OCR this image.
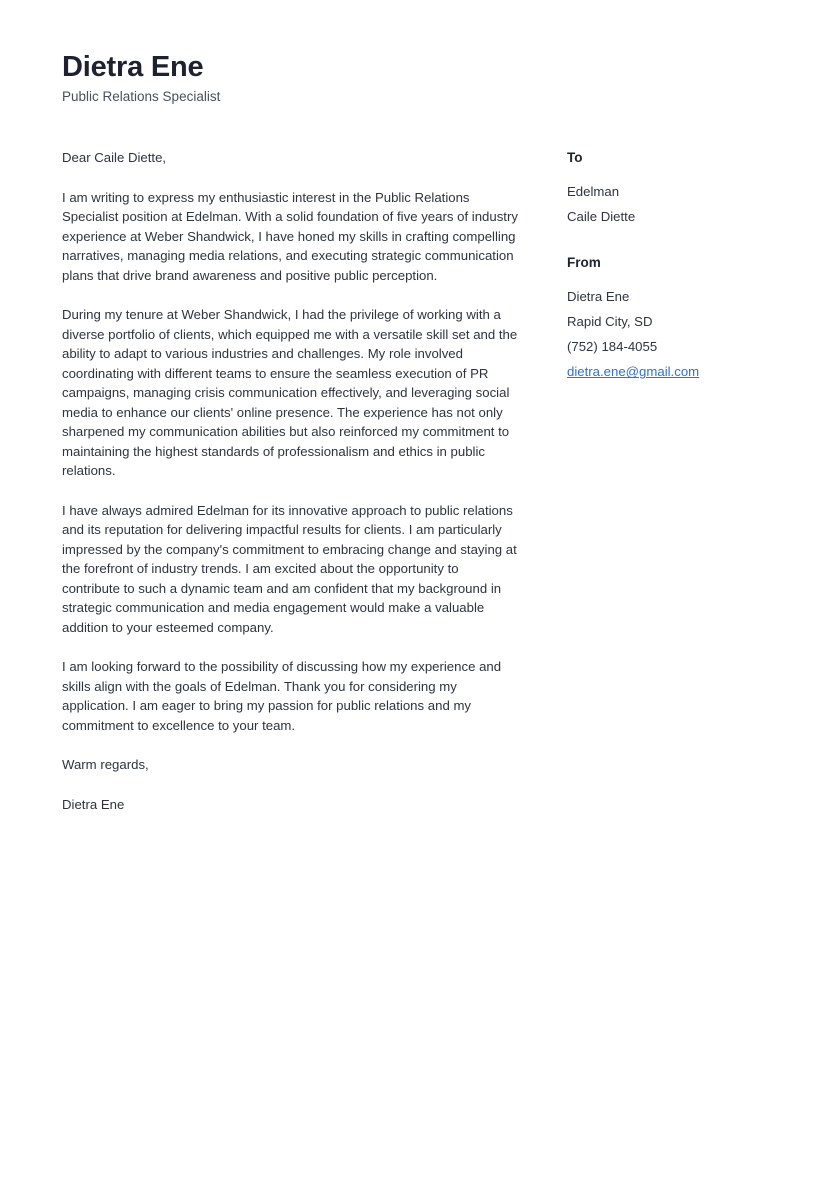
Dietra Ene

Public Relations Specialist

Dear Caile Diette,

I am writing to express my enthusiastic interest in the Public Relations Specialist position at Edelman. With a solid foundation of five years of industry experience at Weber Shandwick, I have honed my skills in crafting compelling narratives, managing media relations, and executing strategic communication plans that drive brand awareness and positive public perception.

During my tenure at Weber Shandwick, I had the privilege of working with a diverse portfolio of clients, which equipped me with a versatile skill set and the ability to adapt to various industries and challenges. My role involved coordinating with different teams to ensure the seamless execution of PR campaigns, managing crisis communication effectively, and leveraging social media to enhance our clients' online presence. The experience has not only sharpened my communication abilities but also reinforced my commitment to maintaining the highest standards of professionalism and ethics in public relations.

I have always admired Edelman for its innovative approach to public relations and its reputation for delivering impactful results for clients. I am particularly impressed by the company's commitment to embracing change and staying at the forefront of industry trends. I am excited about the opportunity to contribute to such a dynamic team and am confident that my background in strategic communication and media engagement would make a valuable addition to your esteemed company.

I am looking forward to the possibility of discussing how my experience and skills align with the goals of Edelman. Thank you for considering my application. I am eager to bring my passion for public relations and my commitment to excellence to your team.

Warm regards,

Dietra Ene

To

Edelman

Caile Diette

From

Dietra Ene

Rapid City, SD

(752) 184-4055

dietra.ene@gmail.com
